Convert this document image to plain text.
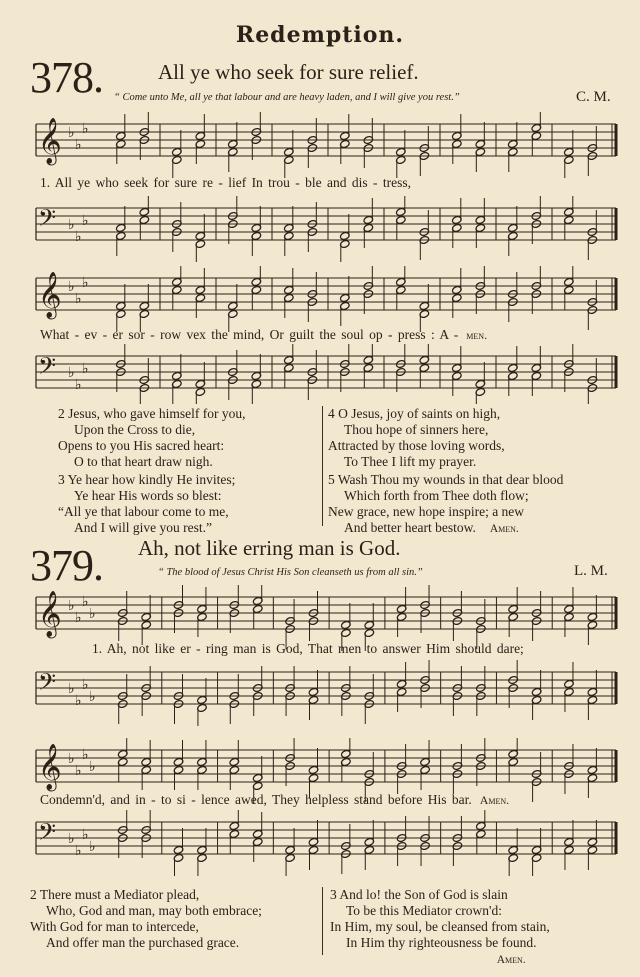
Redemption.
378.	All ye who seek for sure relief.
“ Come unto Me, all ye that labour and are heavy laden, and I will give you rest.”	C. M.
𝄞 ♭
♭
♭
1. All ye who seek for sure re - lief In trou - ble and dis - tress,
𝄢 ♭
♭
♭
𝄞 ♭
♭
♭
What - ev - er sor - row vex the mind, Or guilt the soul op - press : A - men.
𝄢 ♭
♭
♭
2 Jesus, who gave himself for you,
Upon the Cross to die,
Opens to you His sacred heart:
O to that heart draw nigh.
3 Ye hear how kindly He invites;
Ye hear His words so blest:
“All ye that labour come to me,
And I will give you rest.”
4 O Jesus, joy of saints on high,
Thou hope of sinners here,
Attracted by those loving words,
To Thee I lift my prayer.
5 Wash Thou my wounds in that dear blood
Which forth from Thee doth flow;
New grace, new hope inspire; a new
And better heart bestow. Amen.
379. Ah, not like erring man is God.
“ The blood of Jesus Christ His Son cleanseth us from all sin.”	L. M.
𝄞 ♭
♭
♭
♭
1. Ah, not like er - ring man is God, That men to answer Him should dare;
𝄢 ♭
♭
♭
♭
𝄞 ♭
♭
♭
♭
Condemn'd, and in - to si - lence awed, They helpless stand before His bar. Amen.
𝄢 ♭
♭
♭
♭
2 There must a Mediator plead,
Who, God and man, may both embrace;
With God for man to intercede,
And offer man the purchased grace.
3 And lo! the Son of God is slain
To be this Mediator crown'd:
In Him, my soul, be cleansed from stain,
In Him thy righteousness be found.
Amen.
